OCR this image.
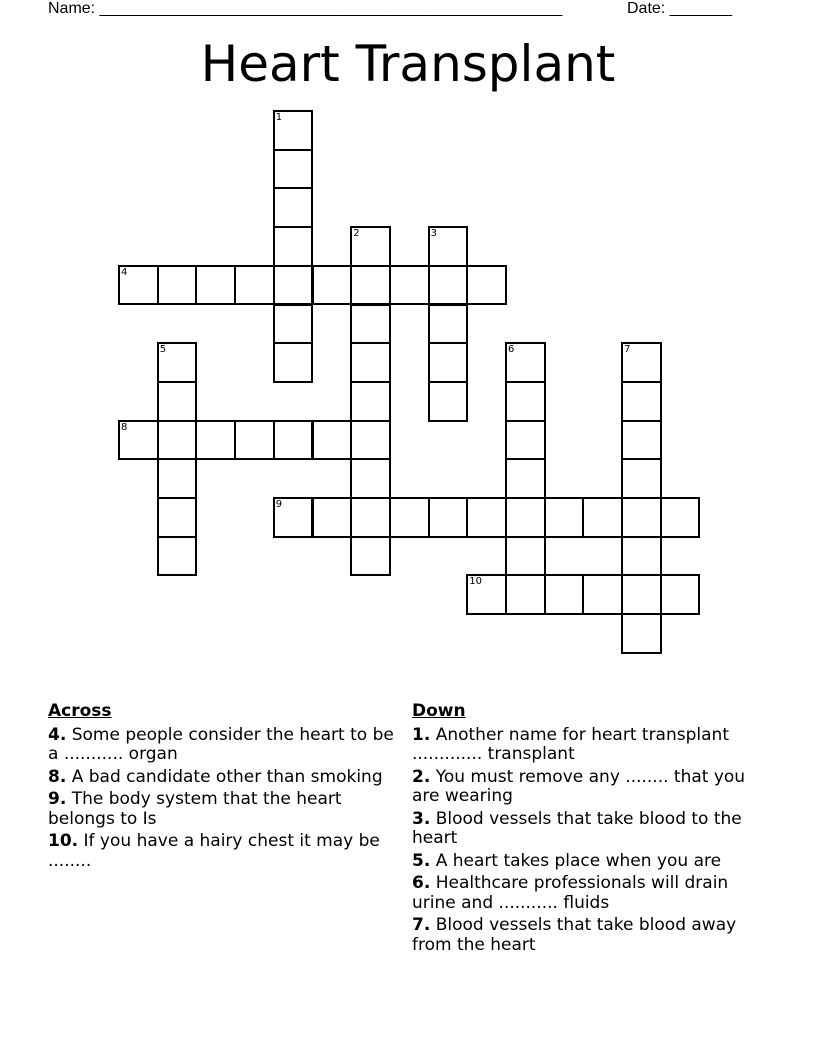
Name: ____________________________________________________	Date: _______
Heart Transplant
1
2	3
4
5	6	7
8
9
10
Across
4. Some people consider the heart to be a ........... organ
8. A bad candidate other than smoking
9. The body system that the heart belongs to Is
10. If you have a hairy chest it may be ........
Down
1. Another name for heart transplant ............. transplant
2. You must remove any ........ that you are wearing
3. Blood vessels that take blood to the heart
5. A heart takes place when you are
6. Healthcare professionals will drain urine and ........... fluids
7. Blood vessels that take blood away from the heart
